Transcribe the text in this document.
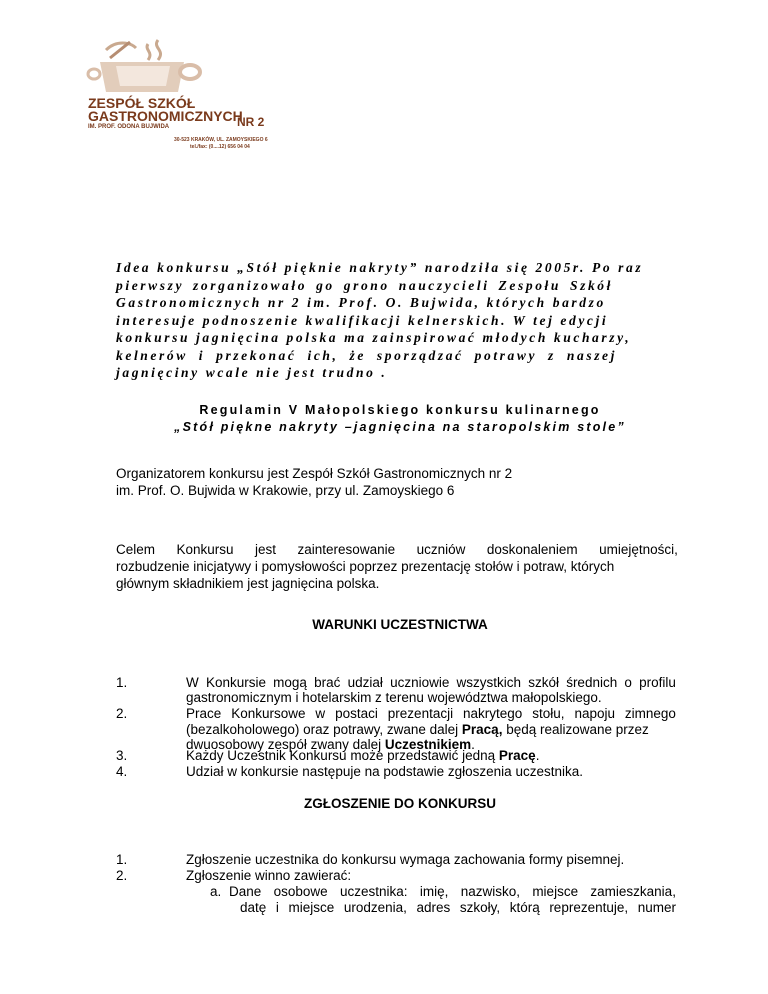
ZESPÓŁ SZKÓŁ
GASTRONOMICZNYCH
IM. PROF. ODONA BUJWIDA	NR 2
30-523 KRAKÓW, UL. ZAMOYSKIEGO 6
tel./fax: (0....12) 656 04 04
Idea konkursu „Stół pięknie nakryty” narodziła się 2005r. Po raz
pierwszy zorganizowało go grono nauczycieli Zespołu Szkół
Gastronomicznych nr 2 im. Prof. O. Bujwida, których bardzo
interesuje podnoszenie kwalifikacji kelnerskich. W tej edycji
konkursu jagnięcina polska ma zainspirować młodych kucharzy,
kelnerów i przekonać ich, że sporządzać potrawy z naszej
jagnięciny wcale nie jest trudno .
Regulamin V Małopolskiego konkursu kulinarnego
„Stół piękne nakryty –jagnięcina na staropolskim stole”
Organizatorem konkursu jest Zespół Szkół Gastronomicznych nr 2
im. Prof. O. Bujwida w Krakowie, przy ul. Zamoyskiego 6
Celem Konkursu jest zainteresowanie uczniów doskonaleniem umiejętności,
rozbudzenie inicjatywy i pomysłowości poprzez prezentację stołów i potraw, których
głównym składnikiem jest jagnięcina polska.
WARUNKI UCZESTNICTWA
1.
2.
3.
4.
W Konkursie mogą brać udział uczniowie wszystkich szkół średnich o profilu
gastronomicznym i hotelarskim z terenu województwa małopolskiego.
Prace Konkursowe w postaci prezentacji nakrytego stołu, napoju zimnego
(bezalkoholowego) oraz potrawy, zwane dalej Pracą, będą realizowane przez
dwuosobowy zespół zwany dalej Uczestnikiem.
Każdy Uczestnik Konkursu może przedstawić jedną Pracę.
Udział w konkursie następuje na podstawie zgłoszenia uczestnika.
ZGŁOSZENIE DO KONKURSU
1.
2.
Zgłoszenie uczestnika do konkursu wymaga zachowania formy pisemnej.
Zgłoszenie winno zawierać:
a. Dane osobowe uczestnika: imię, nazwisko, miejsce zamieszkania,
datę i miejsce urodzenia, adres szkoły, którą reprezentuje, numer
